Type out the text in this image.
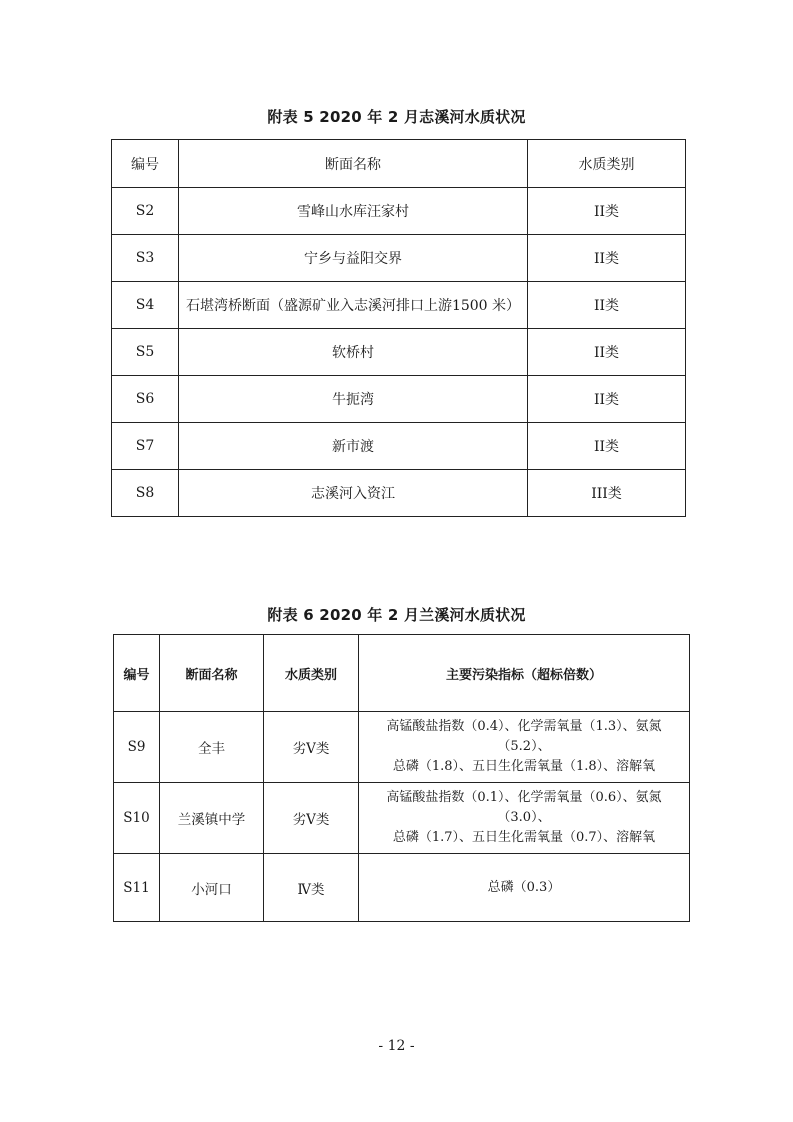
附表 5 2020 年 2 月志溪河水质状况
编号	断面名称	水质类别
S2	雪峰山水库汪家村	II类
S3	宁乡与益阳交界	II类
S4	石堪湾桥断面（盛源矿业入志溪河排口上游1500 米）	II类
S5	软桥村	II类
S6	牛扼湾	II类
S7	新市渡	II类
S8	志溪河入资江	III类
附表 6 2020 年 2 月兰溪河水质状况
编号	断面名称	水质类别	主要污染指标（超标倍数）
S9	全丰	劣Ⅴ类	高锰酸盐指数（0.4）、化学需氧量（1.3）、氨氮（5.2）、
总磷（1.8）、五日生化需氧量（1.8）、溶解氧

S10	兰溪镇中学	劣Ⅴ类	高锰酸盐指数（0.1）、化学需氧量（0.6）、氨氮（3.0）、
总磷（1.7）、五日生化需氧量（0.7）、溶解氧

S11	小河口	Ⅳ类	总磷（0.3）
- 12 -
